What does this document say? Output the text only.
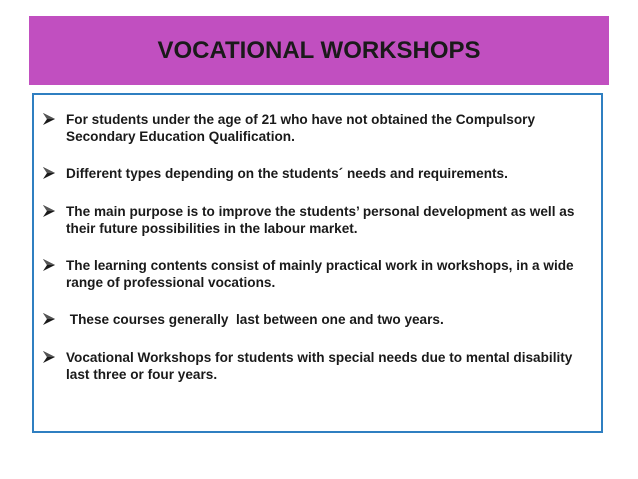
VOCATIONAL WORKSHOPS
For students under the age of 21 who have not obtained the Compulsory Secondary Education Qualification.
Different types depending on the students´ needs and requirements.
The main purpose is to improve the students’ personal development as well as their future possibilities in the labour market.
The learning contents consist of mainly practical work in workshops, in a wide range of professional vocations.
These courses generally  last between one and two years.
Vocational Workshops for students with special needs due to mental disability last three or four years.
